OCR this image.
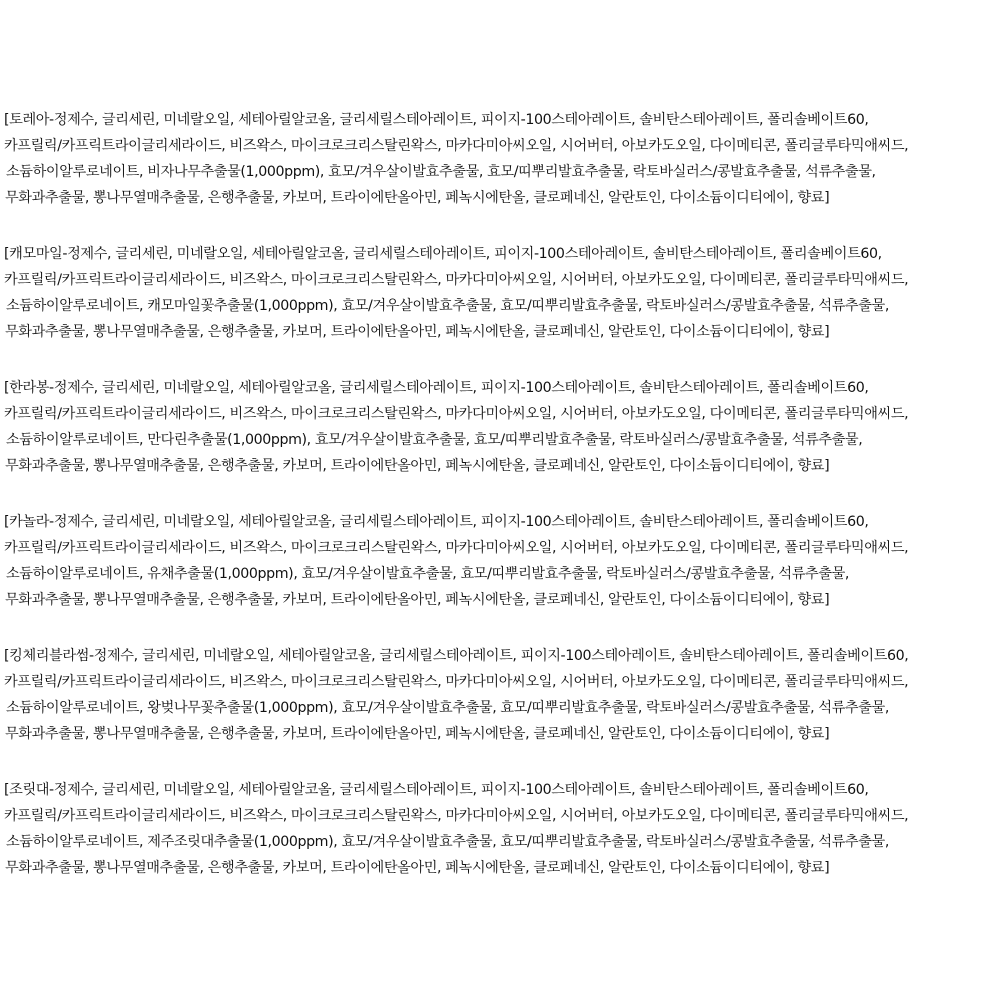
[토레아-정제수, 글리세린, 미네랄오일, 세테아릴알코올, 글리세릴스테아레이트, 피이지-100스테아레이트, 솔비탄스테아레이트, 폴리솔베이트60,
카프릴릭/카프릭트라이글리세라이드, 비즈왁스, 마이크로크리스탈린왁스, 마카다미아씨오일, 시어버터, 아보카도오일, 다이메티콘, 폴리글루타믹애씨드,
소듐하이알루로네이트, 비자나무추출물(1,000ppm), 효모/겨우살이발효추출물, 효모/띠뿌리발효추출물, 락토바실러스/콩발효추출물, 석류추출물,
무화과추출물, 뽕나무열매추출물, 은행추출물, 카보머, 트라이에탄올아민, 페녹시에탄올, 클로페네신, 알란토인, 다이소듐이디티에이, 향료]
[캐모마일-정제수, 글리세린, 미네랄오일, 세테아릴알코올, 글리세릴스테아레이트, 피이지-100스테아레이트, 솔비탄스테아레이트, 폴리솔베이트60,
카프릴릭/카프릭트라이글리세라이드, 비즈왁스, 마이크로크리스탈린왁스, 마카다미아씨오일, 시어버터, 아보카도오일, 다이메티콘, 폴리글루타믹애씨드,
소듐하이알루로네이트, 캐모마일꽃추출물(1,000ppm), 효모/겨우살이발효추출물, 효모/띠뿌리발효추출물, 락토바실러스/콩발효추출물, 석류추출물,
무화과추출물, 뽕나무열매추출물, 은행추출물, 카보머, 트라이에탄올아민, 페녹시에탄올, 클로페네신, 알란토인, 다이소듐이디티에이, 향료]
[한라봉-정제수, 글리세린, 미네랄오일, 세테아릴알코올, 글리세릴스테아레이트, 피이지-100스테아레이트, 솔비탄스테아레이트, 폴리솔베이트60,
카프릴릭/카프릭트라이글리세라이드, 비즈왁스, 마이크로크리스탈린왁스, 마카다미아씨오일, 시어버터, 아보카도오일, 다이메티콘, 폴리글루타믹애씨드,
소듐하이알루로네이트, 만다린추출물(1,000ppm), 효모/겨우살이발효추출물, 효모/띠뿌리발효추출물, 락토바실러스/콩발효추출물, 석류추출물,
무화과추출물, 뽕나무열매추출물, 은행추출물, 카보머, 트라이에탄올아민, 페녹시에탄올, 클로페네신, 알란토인, 다이소듐이디티에이, 향료]
[카놀라-정제수, 글리세린, 미네랄오일, 세테아릴알코올, 글리세릴스테아레이트, 피이지-100스테아레이트, 솔비탄스테아레이트, 폴리솔베이트60,
카프릴릭/카프릭트라이글리세라이드, 비즈왁스, 마이크로크리스탈린왁스, 마카다미아씨오일, 시어버터, 아보카도오일, 다이메티콘, 폴리글루타믹애씨드,
소듐하이알루로네이트, 유채추출물(1,000ppm), 효모/겨우살이발효추출물, 효모/띠뿌리발효추출물, 락토바실러스/콩발효추출물, 석류추출물,
무화과추출물, 뽕나무열매추출물, 은행추출물, 카보머, 트라이에탄올아민, 페녹시에탄올, 클로페네신, 알란토인, 다이소듐이디티에이, 향료]
[킹체리블라썸-정제수, 글리세린, 미네랄오일, 세테아릴알코올, 글리세릴스테아레이트, 피이지-100스테아레이트, 솔비탄스테아레이트, 폴리솔베이트60,
카프릴릭/카프릭트라이글리세라이드, 비즈왁스, 마이크로크리스탈린왁스, 마카다미아씨오일, 시어버터, 아보카도오일, 다이메티콘, 폴리글루타믹애씨드,
소듐하이알루로네이트, 왕벚나무꽃추출물(1,000ppm), 효모/겨우살이발효추출물, 효모/띠뿌리발효추출물, 락토바실러스/콩발효추출물, 석류추출물,
무화과추출물, 뽕나무열매추출물, 은행추출물, 카보머, 트라이에탄올아민, 페녹시에탄올, 클로페네신, 알란토인, 다이소듐이디티에이, 향료]
[조릿대-정제수, 글리세린, 미네랄오일, 세테아릴알코올, 글리세릴스테아레이트, 피이지-100스테아레이트, 솔비탄스테아레이트, 폴리솔베이트60,
카프릴릭/카프릭트라이글리세라이드, 비즈왁스, 마이크로크리스탈린왁스, 마카다미아씨오일, 시어버터, 아보카도오일, 다이메티콘, 폴리글루타믹애씨드,
소듐하이알루로네이트, 제주조릿대추출물(1,000ppm), 효모/겨우살이발효추출물, 효모/띠뿌리발효추출물, 락토바실러스/콩발효추출물, 석류추출물,
무화과추출물, 뽕나무열매추출물, 은행추출물, 카보머, 트라이에탄올아민, 페녹시에탄올, 클로페네신, 알란토인, 다이소듐이디티에이, 향료]
